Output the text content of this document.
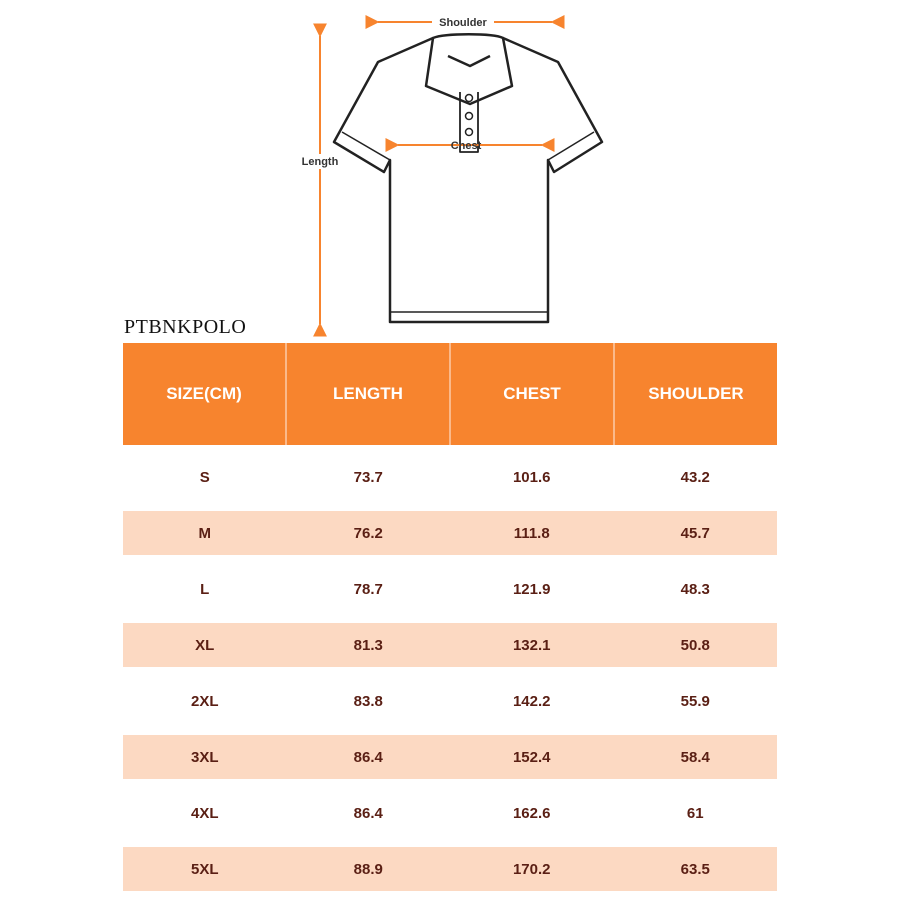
Shoulder
Chest
Length
PTBNKPOLO
SIZE(CM)	LENGTH	CHEST	SHOULDER
S	73.7	101.6	43.2
M	76.2	111.8	45.7
L	78.7	121.9	48.3
XL	81.3	132.1	50.8
2XL	83.8	142.2	55.9
3XL	86.4	152.4	58.4
4XL	86.4	162.6	61
5XL	88.9	170.2	63.5
